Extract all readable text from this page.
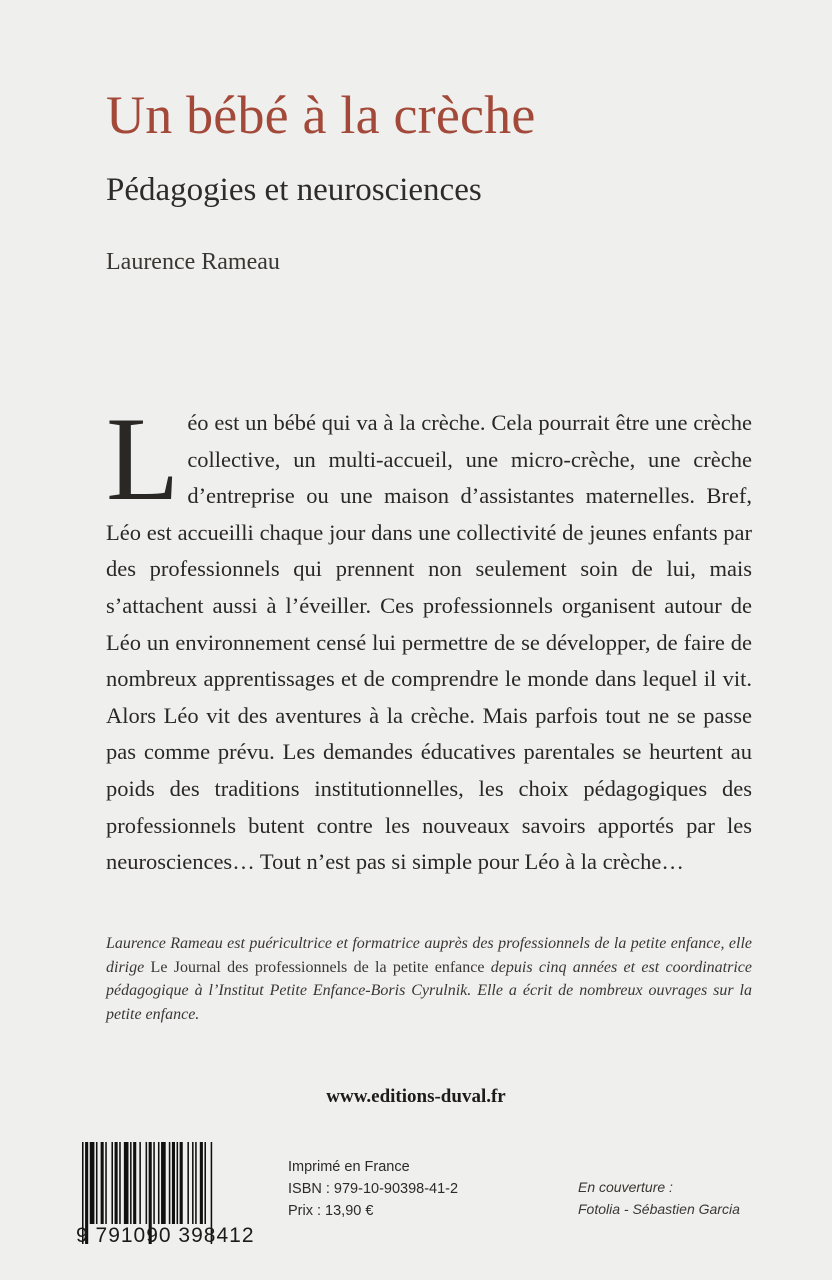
Un bébé à la crèche
Pédagogies et neurosciences
Laurence Rameau
Léo est un bébé qui va à la crèche. Cela pourrait être une crèche collective, un multi-accueil, une micro-crèche, une crèche d’entreprise ou une maison d’assistantes maternelles. Bref, Léo est accueilli chaque jour dans une collectivité de jeunes enfants par des professionnels qui prennent non seulement soin de lui, mais s’attachent aussi à l’éveiller. Ces professionnels organisent autour de Léo un environnement censé lui permettre de se développer, de faire de nombreux apprentissages et de comprendre le monde dans lequel il vit. Alors Léo vit des aventures à la crèche. Mais parfois tout ne se passe pas comme prévu. Les demandes éducatives parentales se heurtent au poids des traditions institutionnelles, les choix pédagogiques des professionnels butent contre les nouveaux savoirs apportés par les neurosciences… Tout n’est pas si simple pour Léo à la crèche…
Laurence Rameau est puéricultrice et formatrice auprès des professionnels de la petite enfance, elle dirige Le Journal des professionnels de la petite enfance depuis cinq années et est coordinatrice pédagogique à l’Institut Petite Enfance-Boris Cyrulnik. Elle a écrit de nombreux ouvrages sur la petite enfance.
www.editions-duval.fr
9 791090 398412
Imprimé en France
ISBN : 979-10-90398-41-2
Prix : 13,90 €
En couverture :
Fotolia - Sébastien Garcia
